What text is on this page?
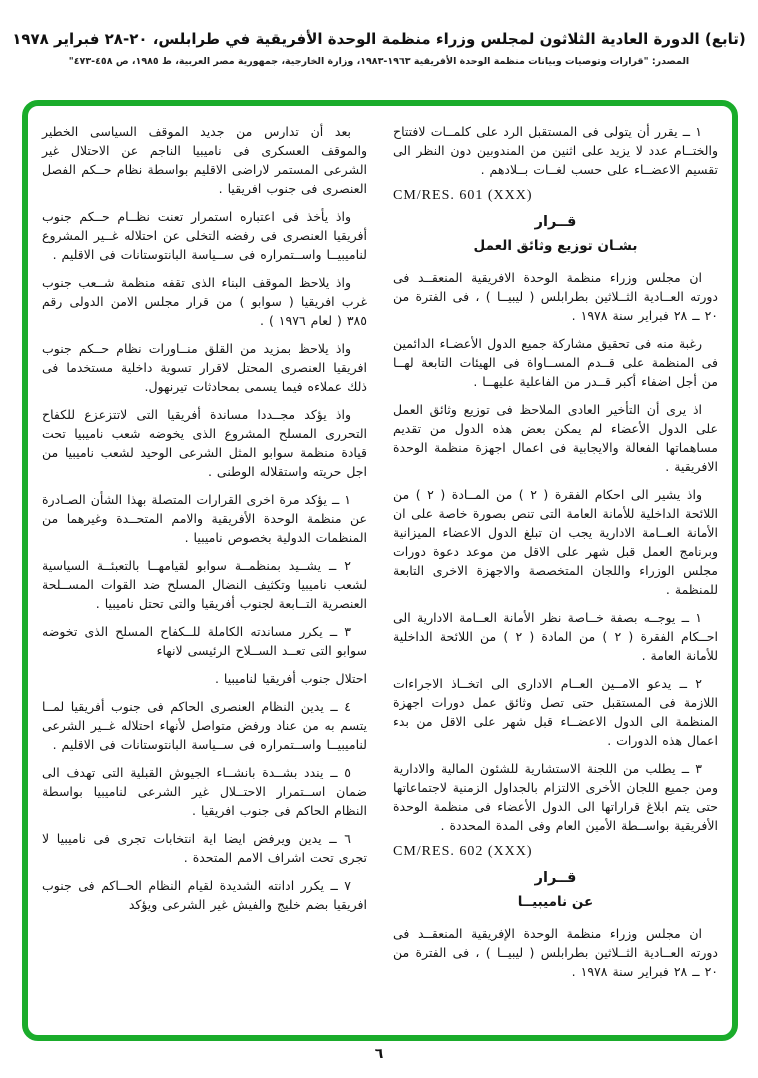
(تابع) الدورة العادية الثلاثون لمجلس وزراء منظمة الوحدة الأفريقية في طرابلس، ٢٠-٢٨ فبراير ١٩٧٨
المصدر: "قرارات وتوصيات وبيانات منظمة الوحدة الأفريقية ١٩٦٣-١٩٨٣، وزارة الخارجية، جمهورية مصر العربية، ط ١٩٨٥، ص ٤٥٨-٤٧٣"

١ ــ يقرر أن يتولى فى المستقبل الرد على كلمــات لافتتاح والختــام عدد لا يزيد على اثنين من المندوبين دون النظر الى تقسيم الاعضــاء على حسب لغــات بــلادهم .

CM/RES. 601 (XXX)
قــرار
بشـان توزيع وثائق العمل

ان مجلس وزراء منظمة الوحدة الافريقية المنعقــد فى دورته العــادية الثــلاثين بطرابلس ( ليبيــا ) ، فى الفترة من ٢٠ ــ ٢٨ فبراير سنة ١٩٧٨ .

رغبة منه فى تحقيق مشاركة جميع الدول الأعضـاء الدائمين فى المنظمة على قــدم المســاواة فى الهيئات التابعة لهــا من أجل اضفاء أكبر قــدر من الفاعلية عليهــا .

اذ يرى أن التأخير العادى الملاحظ فى توزيع وثائق العمل على الدول الأعضاء لم يمكن بعض هذه الدول من تقديم مساهماتها الفعالة والايجابية فى اعمال اجهزة منظمة الوحدة الافريقية .

واذ يشير الى احكام الفقرة ( ٢ ) من المــادة ( ٢ ) من اللائحة الداخلية للأمانة العامة التى تنص بصورة خاصة على ان الأمانة العــامة الادارية يجب ان تبلغ الدول الاعضاء الميزانية وبرنامج العمل قبل شهر على الاقل من موعد دعوة دورات مجلس الوزراء واللجان المتخصصة والاجهزة الاخرى التابعة للمنظمة .

١ ــ يوجــه بصفة خــاصة نظر الأمانة العــامة الادارية الى احــكام الفقرة ( ٢ ) من المادة ( ٢ ) من اللائحة الداخلية للأمانة العامة .

٢ ــ يدعو الامــين العــام الادارى الى اتخــاذ الاجراءات اللازمة فى المستقبل حتى تصل وثائق عمل دورات اجهزة المنظمة الى الدول الاعضــاء قبل شهر على الاقل من بدء اعمال هذه الدورات .

٣ ــ يطلب من اللجنة الاستشارية للشئون المالية والادارية ومن جميع اللجان الأخرى الالتزام بالجداول الزمنية لاجتماعاتها حتى يتم ابلاغ قراراتها الى الدول الأعضاء فى منظمة الوحدة الأفريقية بواســطة الأمين العام وفى المدة المحددة .

CM/RES. 602 (XXX)
قــرار
عن ناميبيــا

ان مجلس وزراء منظمة الوحدة الإفريقية المنعقــد فى دورته العــادية الثــلاثين بطرابلس ( ليبيــا ) ، فى الفترة من ٢٠ ــ ٢٨ فبراير سنة ١٩٧٨ .

بعد أن تدارس من جديد الموقف السياسى الخطير والموقف العسكرى فى ناميبيا الناجم عن الاحتلال غير الشرعى المستمر لاراضى الاقليم بواسطة نظام حــكم الفصل العنصرى فى جنوب افريقيا .

واذ يأخذ فى اعتباره استمرار تعنت نظــام حــكم جنوب أفريقيا العنصرى فى رفضه التخلى عن احتلاله غــير المشروع لناميبيــا واســتمراره فى ســياسة البانتوستانات فى الاقليم .

واذ يلاحظ الموقف البناء الذى تقفه منظمة شــعب جنوب غرب افريقيا ( سوابو ) من قرار مجلس الامن الدولى رقم ٣٨٥ ( لعام ١٩٧٦ ) .

واذ يلاحظ بمزيد من القلق منــاورات نظام حــكم جنوب افريقيا العنصرى المحتل لاقرار تسوية داخلية مستخدما فى ذلك عملاءه فيما يسمى بمحادثات تيرنهول.

واذ يؤكد مجــددا مساندة أفريقيا التى لاتتزعزع للكفاح التحررى المسلح المشروع الذى يخوضه شعب ناميبيا تحت قيادة منظمة سوابو المثل الشرعى الوحيد لشعب ناميبيا من اجل حريته واستقلاله الوطنى .

١ ــ يؤكد مرة اخرى القرارات المتصلة بهذا الشأن الصـادرة عن منظمة الوحدة الأفريقية والامم المتحــدة وغيرهما من المنظمات الدولية بخصوص ناميبيا .

٢ ــ يشــيد بمنظمــة سوابو لقيامهــا بالتعبئــة السياسية لشعب ناميبيا وتكثيف النضال المسلح ضد القوات المســلحة العنصرية التــابعة لجنوب أفريقيا والتى تحتل ناميبيا .

٣ ــ يكرر مساندته الكاملة للــكفاح المسلح الذى تخوضه سوابو التى تعــد الســلاح الرئيسى لانهاء

احتلال جنوب أفريقيا لناميبيا .

٤ ــ يدين النظام العنصرى الحاكم فى جنوب أفريقيا لمــا يتسم به من عناد ورفض متواصل لأنهاء احتلاله غــير الشرعى لناميبيــا واســتمراره فى ســياسة البانتوستانات فى الاقليم .

٥ ــ يندد بشــدة بانشــاء الجيوش القبلية التى تهدف الى ضمان اســتمرار الاحتــلال غير الشرعى لناميبيا بواسطة النظام الحاكم فى جنوب افريقيا .

٦ ــ يدين ويرفض ايضا اية انتخابات تجرى فى ناميبيا لا تجرى تحت اشراف الامم المتحدة .

٧ ــ يكرر ادانته الشديدة لقيام النظام الحــاكم فى جنوب افريقيا بضم خليج والفيش غير الشرعى ويؤكد

٦
